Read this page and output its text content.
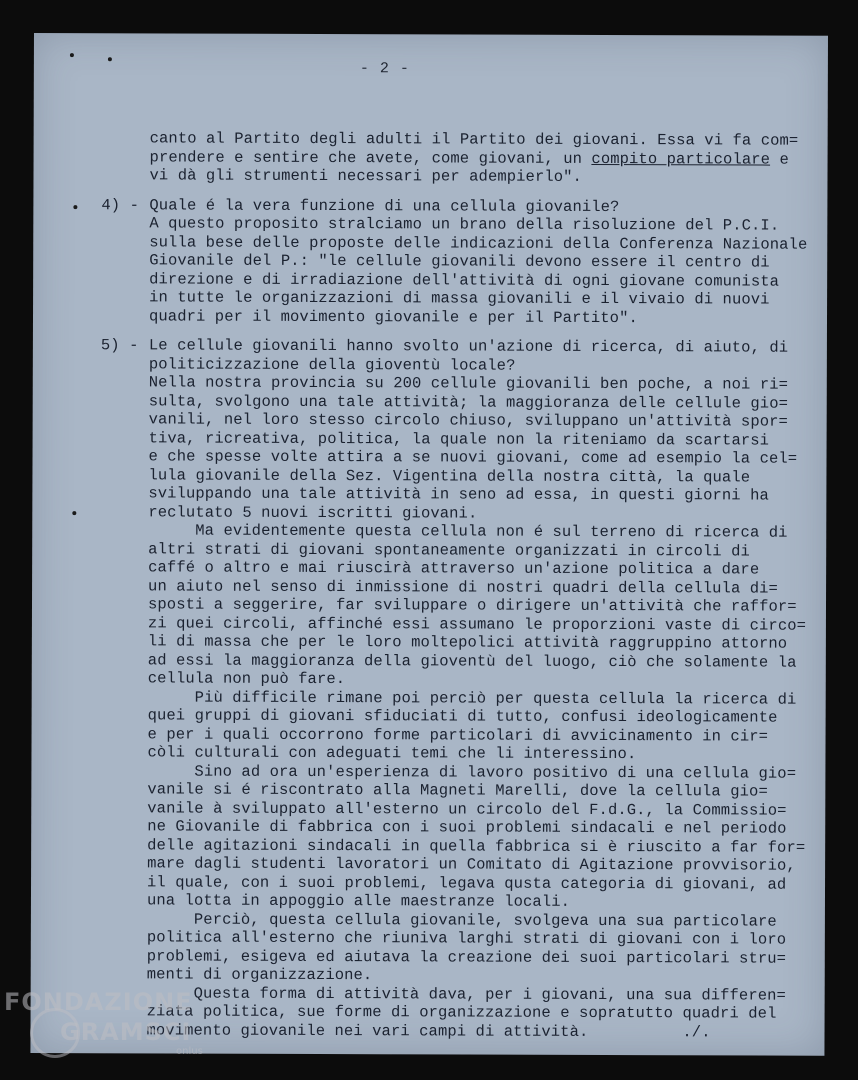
- 2 -
canto al Partito degli adulti il Partito dei giovani. Essa vi fa com=
prendere e sentire che avete, come giovani, un compito particolare e
vi dà gli strumenti necessari per adempierlo".
4) - Quale é la vera funzione di una cellula giovanile?
A questo proposito stralciamo un brano della risoluzione del P.C.I.
sulla bese delle proposte delle indicazioni della Conferenza Nazionale
Giovanile del P.: "le cellule giovanili devono essere il centro di
direzione e di irradiazione dell'attività di ogni giovane comunista
in tutte le organizzazioni di massa giovanili e il vivaio di nuovi
quadri per il movimento giovanile e per il Partito".
5) - Le cellule giovanili hanno svolto un'azione di ricerca, di aiuto, di
politicizzazione della gioventù locale?
Nella nostra provincia su 200 cellule giovanili ben poche, a noi ri=
sulta, svolgono una tale attività; la maggioranza delle cellule gio=
vanili, nel loro stesso circolo chiuso, sviluppano un'attività spor=
tiva, ricreativa, politica, la quale non la riteniamo da scartarsi
e che spesse volte attira a se nuovi giovani, come ad esempio la cel=
lula giovanile della Sez. Vigentina della nostra città, la quale
sviluppando una tale attività in seno ad essa, in questi giorni ha
reclutato 5 nuovi iscritti giovani.
Ma evidentemente questa cellula non é sul terreno di ricerca di
altri strati di giovani spontaneamente organizzati in circoli di
caffé o altro e mai riuscirà attraverso un'azione politica a dare
un aiuto nel senso di inmissione di nostri quadri della cellula di=
sposti a seggerire, far sviluppare o dirigere un'attività che raffor=
zi quei circoli, affinché essi assumano le proporzioni vaste di circo=
li di massa che per le loro moltepolici attività raggruppino attorno
ad essi la maggioranza della gioventù del luogo, ciò che solamente la
cellula non può fare.
Più difficile rimane poi perciò per questa cellula la ricerca di
quei gruppi di giovani sfiduciati di tutto, confusi ideologicamente
e per i quali occorrono forme particolari di avvicinamento in cir=
còli culturali con adeguati temi che li interessino.
Sino ad ora un'esperienza di lavoro positivo di una cellula gio=
vanile si é riscontrato alla Magneti Marelli, dove la cellula gio=
vanile à sviluppato all'esterno un circolo del F.d.G., la Commissio=
ne Giovanile di fabbrica con i suoi problemi sindacali e nel periodo
delle agitazioni sindacali in quella fabbrica si è riuscito a far for=
mare dagli studenti lavoratori un Comitato di Agitazione provvisorio,
il quale, con i suoi problemi, legava qusta categoria di giovani, ad
una lotta in appoggio alle maestranze locali.
Perciò, questa cellula giovanile, svolgeva una sua particolare
politica all'esterno che riuniva larghi strati di giovani con i loro
problemi, esigeva ed aiutava la creazione dei suoi particolari stru=
menti di organizzazione.
Questa forma di attività dava, per i giovani, una sua differen=
ziata politica, sue forme di organizzazione e sopratutto quadri del
movimento giovanile nei vari campi di attività.          ./.
FONDAZIONE
GRAMSCI
onlus
